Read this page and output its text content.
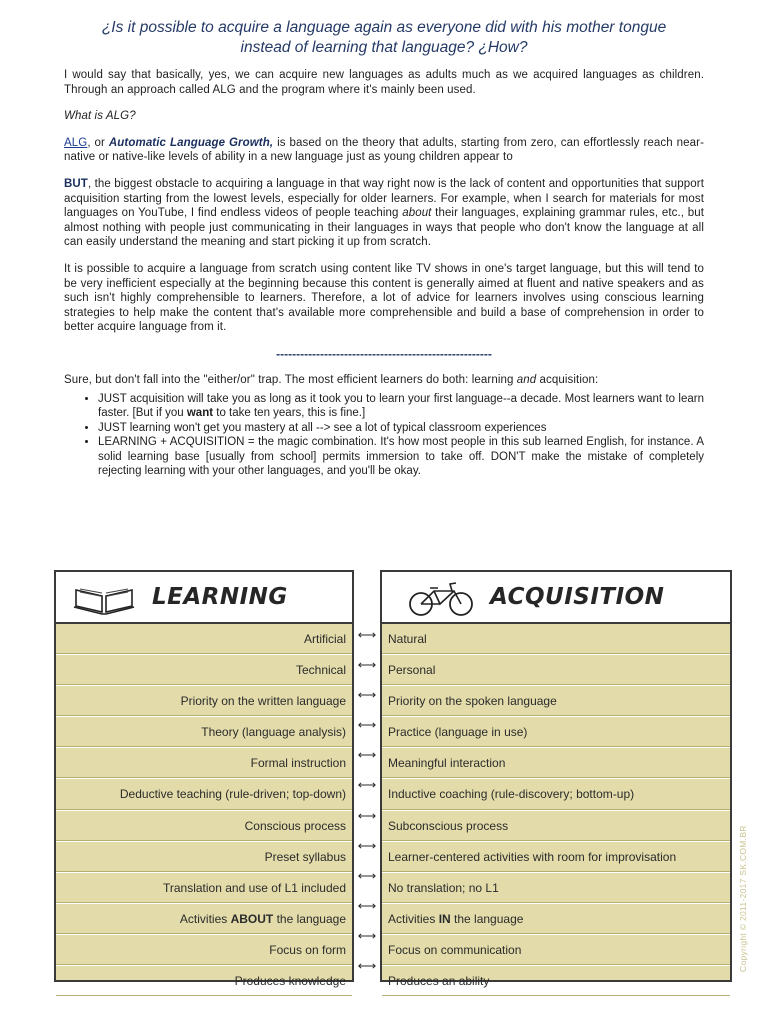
¿Is it possible to acquire a language again as everyone did with his mother tongue
instead of learning that language? ¿How?

I would say that basically, yes, we can acquire new languages as adults much as we acquired languages as children. Through an approach called ALG and the program where it's mainly been used.

What is ALG?

ALG, or Automatic Language Growth, is based on the theory that adults, starting from zero, can effortlessly reach near-native or native-like levels of ability in a new language just as young children appear to

BUT, the biggest obstacle to acquiring a language in that way right now is the lack of content and opportunities that support acquisition starting from the lowest levels, especially for older learners. For example, when I search for materials for most languages on YouTube, I find endless videos of people teaching about their languages, explaining grammar rules, etc., but almost nothing with people just communicating in their languages in ways that people who don't know the language at all can easily understand the meaning and start picking it up from scratch.

It is possible to acquire a language from scratch using content like TV shows in one's target language, but this will tend to be very inefficient especially at the beginning because this content is generally aimed at fluent and native speakers and as such isn't highly comprehensible to learners. Therefore, a lot of advice for learners involves using conscious learning strategies to help make the content that's available more comprehensible and build a base of comprehension in order to better acquire language from it.

------------------------------------------------------

Sure, but don't fall into the "either/or" trap. The most efficient learners do both: learning and acquisition:

• JUST acquisition will take you as long as it took you to learn your first language--a decade. Most learners want to learn faster. [But if you want to take ten years, this is fine.]
• JUST learning won't get you mastery at all --> see a lot of typical classroom experiences
• LEARNING + ACQUISITION = the magic combination. It's how most people in this sub learned English, for instance. A solid learning base [usually from school] permits immersion to take off. DON'T make the mistake of completely rejecting learning with your other languages, and you'll be okay.
LEARNING
Artificial
Technical
Priority on the written language
Theory (language analysis)
Formal instruction
Deductive teaching (rule-driven; top-down)
Conscious process
Preset syllabus
Translation and use of L1 included
Activities ABOUT the language
Focus on form
Produces knowledge
⟷
⟷
⟷
⟷
⟷
⟷
⟷
⟷
⟷
⟷
⟷
⟷
ACQUISITION
Natural
Personal
Priority on the spoken language
Practice (language in use)
Meaningful interaction
Inductive coaching (rule-discovery; bottom-up)
Subconscious process
Learner-centered activities with room for improvisation
No translation; no L1
Activities IN the language
Focus on communication
Produces an ability
Copyright © 2011-2017 SK.COM.BR
